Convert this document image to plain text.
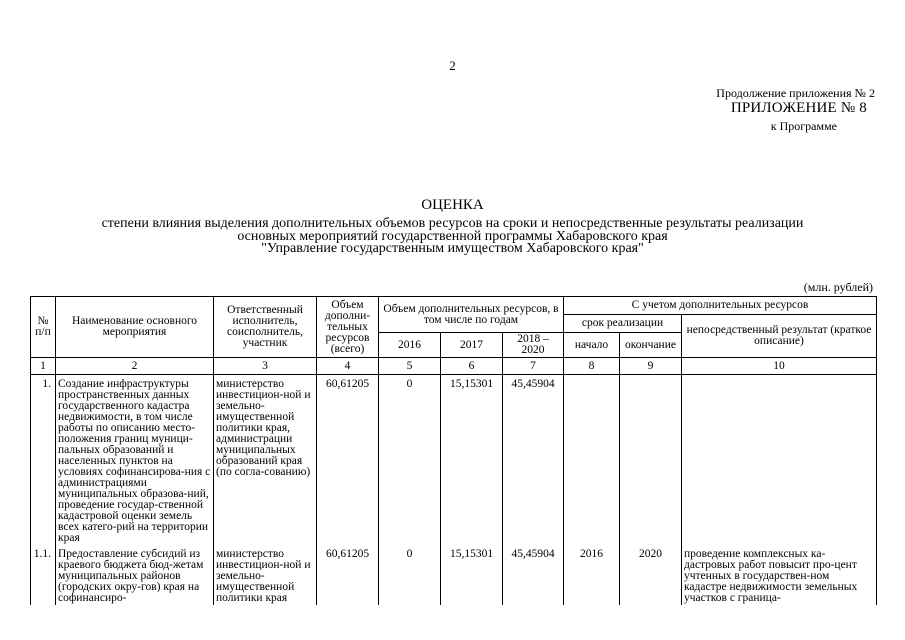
2
Продолжение приложения № 2
ПРИЛОЖЕНИЕ № 8
к Программе
ОЦЕНКА
степени влияния выделения дополнительных объемов ресурсов на сроки и непосредственные результаты реализации
основных мероприятий государственной программы Хабаровского края
"Управление государственным имуществом Хабаровского края"
(млн. рублей)
№ п/п	Наименование основного мероприятия	Ответственный исполнитель, соисполнитель, участник	Объем дополни-тельных ресурсов (всего)	Объем дополнительных ресурсов, в том числе по годам			С учетом дополнительных ресурсов		
							срок реализации		непосредственный результат (краткое описание)
				2016	2017	2018 – 2020	начало	окончание	
1	2	3	4	5	6	7	8	9	10
1.	Создание инфраструктуры пространственных данных государственного кадастра недвижимости, в том числе работы по описанию место-положения границ муници-пальных образований и населенных пунктов на условиях софинансирова-ния с администрациями муниципальных образова-ний, проведение государ-ственной кадастровой оценки земель всех катего-рий на территории края	министерство инвестицион-ной и земельно-имущественной политики края, администрации муниципальных образований края (по согла-сованию)	60,61205	0	15,15301	45,45904			
1.1.	Предоставление субсидий из краевого бюджета бюд-жетам муниципальных районов (городских окру-гов) края на софинансиро-	министерство инвестицион-ной и земельно-имущественной политики края	60,61205	0	15,15301	45,45904	2016	2020	проведение комплексных ка-дастровых работ повысит про-цент учтенных в государствен-ном кадастре недвижимости земельных участков с граница-
